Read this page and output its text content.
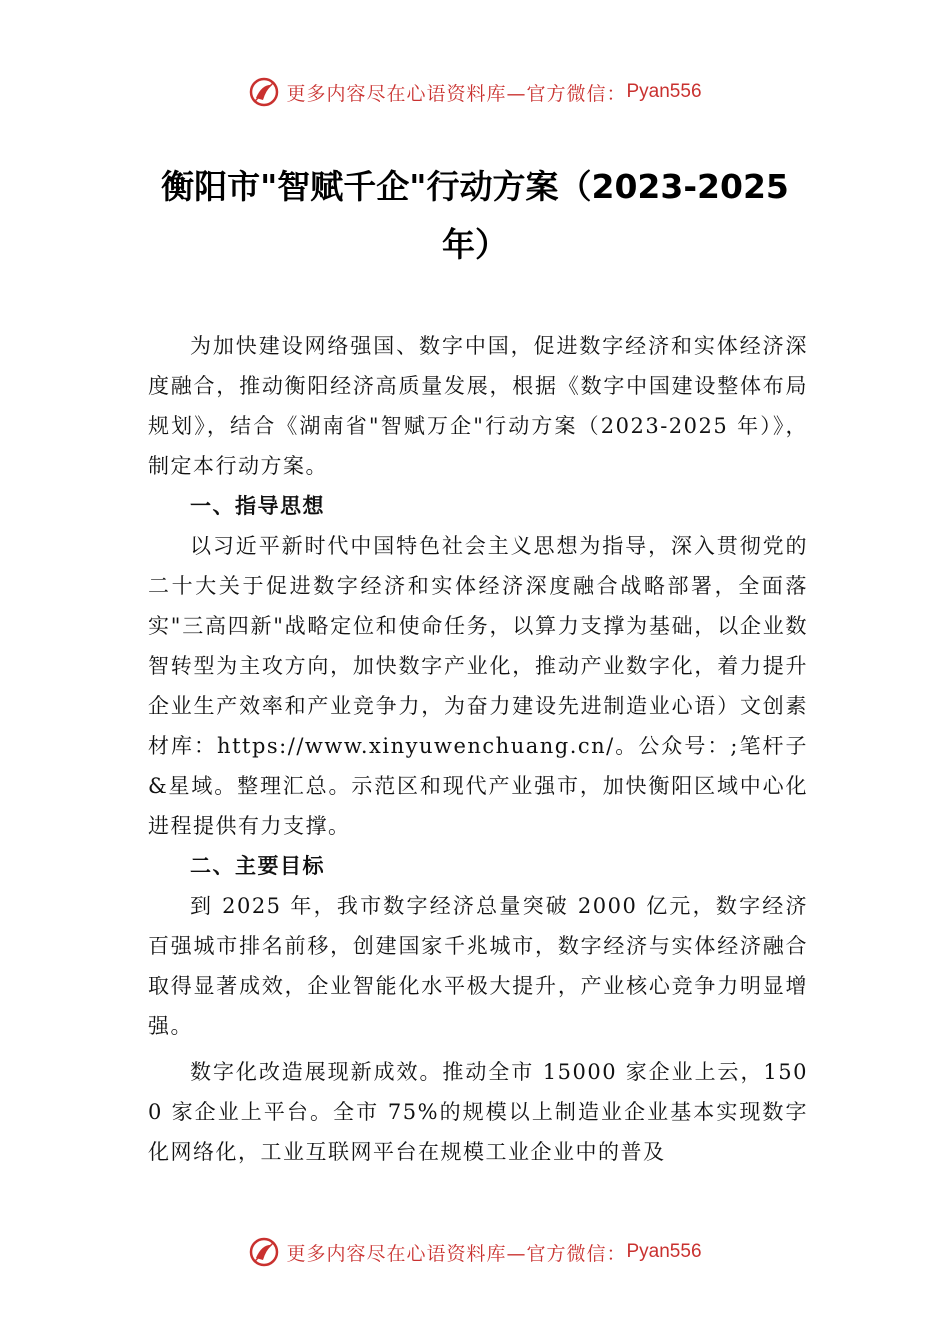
更多内容尽在心语资料库—官方微信： Pyan556
衡阳市"智赋千企"行动方案（2023-2025年）

为加快建设网络强国、数字中国，促进数字经济和实体经济深度融合，推动衡阳经济高质量发展，根据《数字中国建设整体布局规划》，结合《湖南省"智赋万企"行动方案（2023-2025 年）》，制定本行动方案。

一、指导思想

以习近平新时代中国特色社会主义思想为指导，深入贯彻党的二十大关于促进数字经济和实体经济深度融合战略部署，全面落实"三高四新"战略定位和使命任务，以算力支撑为基础，以企业数智转型为主攻方向，加快数字产业化，推动产业数字化，着力提升企业生产效率和产业竞争力，为奋力建设先进制造业心语）文创素材库：https://www.xinyuwenchuang.cn/。公众号：;笔杆子&星域。整理汇总。示范区和现代产业强市，加快衡阳区域中心化进程提供有力支撑。

二、主要目标

到 2025 年，我市数字经济总量突破 2000 亿元，数字经济百强城市排名前移，创建国家千兆城市，数字经济与实体经济融合取得显著成效，企业智能化水平极大提升，产业核心竞争力明显增强。

数字化改造展现新成效。推动全市 15000 家企业上云，1500 家企业上平台。全市 75%的规模以上制造业企业基本实现数字化网络化，工业互联网平台在规模工业企业中的普及

更多内容尽在心语资料库—官方微信： Pyan556
